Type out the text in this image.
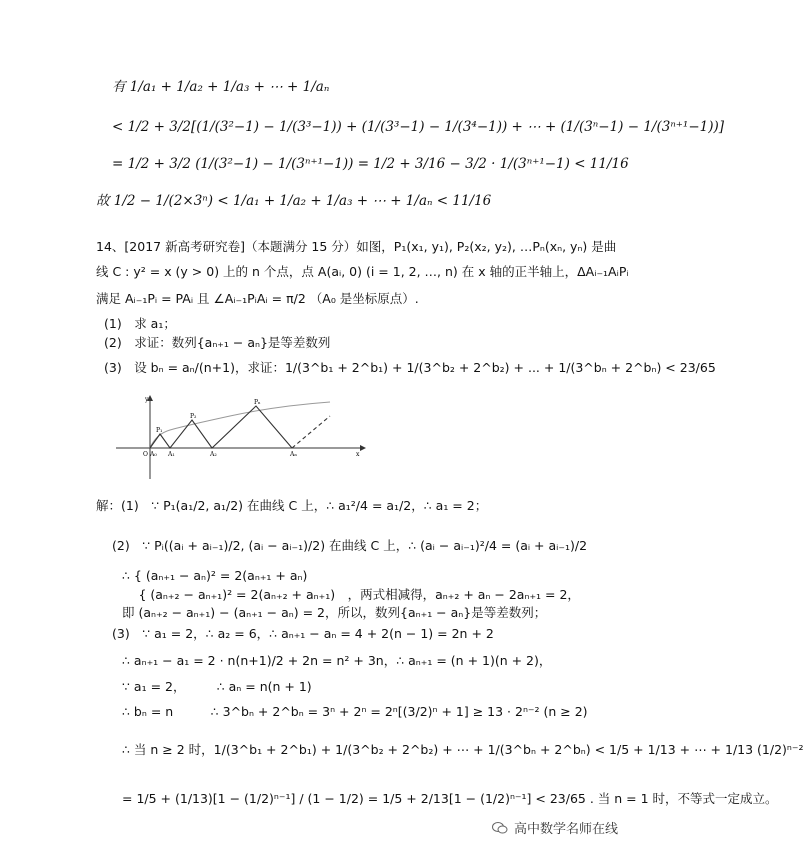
有 1/a₁ + 1/a₂ + 1/a₃ + ⋯ + 1/aₙ
< 1/2 + 3/2[(1/(3²−1) − 1/(3³−1)) + (1/(3³−1) − 1/(3⁴−1)) + ⋯ + (1/(3ⁿ−1) − 1/(3ⁿ⁺¹−1))]
= 1/2 + 3/2 (1/(3²−1) − 1/(3ⁿ⁺¹−1)) = 1/2 + 3/16 − 3/2 · 1/(3ⁿ⁺¹−1) < 11/16
故 1/2 − 1/(2×3ⁿ) < 1/a₁ + 1/a₂ + 1/a₃ + ⋯ + 1/aₙ < 11/16
14、[2017 新高考研究卷]（本题满分 15 分）如图，P₁(x₁, y₁), P₂(x₂, y₂), …Pₙ(xₙ, yₙ) 是曲
线 C : y² = x (y > 0) 上的 n 个点，点 A(aᵢ, 0) (i = 1, 2, …, n) 在 x 轴的正半轴上，ΔAᵢ₋₁AᵢPᵢ
满足 Aᵢ₋₁Pᵢ = PAᵢ 且 ∠Aᵢ₋₁PᵢAᵢ = π/2 （A₀ 是坐标原点）.
(1)　求 a₁；
(2)　求证：数列{aₙ₊₁ − aₙ}是等差数列
(3)　设 bₙ = aₙ/(n+1)，求证：1/(3^b₁ + 2^b₁) + 1/(3^b₂ + 2^b₂) + ... + 1/(3^bₙ + 2^bₙ) < 23/65
y
P₁
P₂
Pₙ
O A₀ A₁	A₂	Aₙ	x
解：(1)　∵ P₁(a₁/2, a₁/2) 在曲线 C 上，∴ a₁²/4 = a₁/2，∴ a₁ = 2；
(2)　∵ Pᵢ((aᵢ + aᵢ₋₁)/2, (aᵢ − aᵢ₋₁)/2) 在曲线 C 上，∴ (aᵢ − aᵢ₋₁)²/4 = (aᵢ + aᵢ₋₁)/2
∴ { (aₙ₊₁ − aₙ)² = 2(aₙ₊₁ + aₙ)
　 { (aₙ₊₂ − aₙ₊₁)² = 2(aₙ₊₂ + aₙ₊₁)　，两式相减得，aₙ₊₂ + aₙ − 2aₙ₊₁ = 2，
即 (aₙ₊₂ − aₙ₊₁) − (aₙ₊₁ − aₙ) = 2，所以，数列{aₙ₊₁ − aₙ}是等差数列；
(3)　∵ a₁ = 2，∴ a₂ = 6，∴ aₙ₊₁ − aₙ = 4 + 2(n − 1) = 2n + 2
∴ aₙ₊₁ − a₁ = 2 · n(n+1)/2 + 2n = n² + 3n，∴ aₙ₊₁ = (n + 1)(n + 2)，
∵ a₁ = 2，　　　∴ aₙ = n(n + 1)
∴ bₙ = n　　　∴ 3^bₙ + 2^bₙ = 3ⁿ + 2ⁿ = 2ⁿ[(3/2)ⁿ + 1] ≥ 13 · 2ⁿ⁻² (n ≥ 2)
∴ 当 n ≥ 2 时，1/(3^b₁ + 2^b₁) + 1/(3^b₂ + 2^b₂) + ⋯ + 1/(3^bₙ + 2^bₙ) < 1/5 + 1/13 + ⋯ + 1/13 (1/2)ⁿ⁻²
= 1/5 + (1/13)[1 − (1/2)ⁿ⁻¹] / (1 − 1/2) = 1/5 + 2/13[1 − (1/2)ⁿ⁻¹] < 23/65 . 当 n = 1 时，不等式一定成立。
高中数学名师在线
